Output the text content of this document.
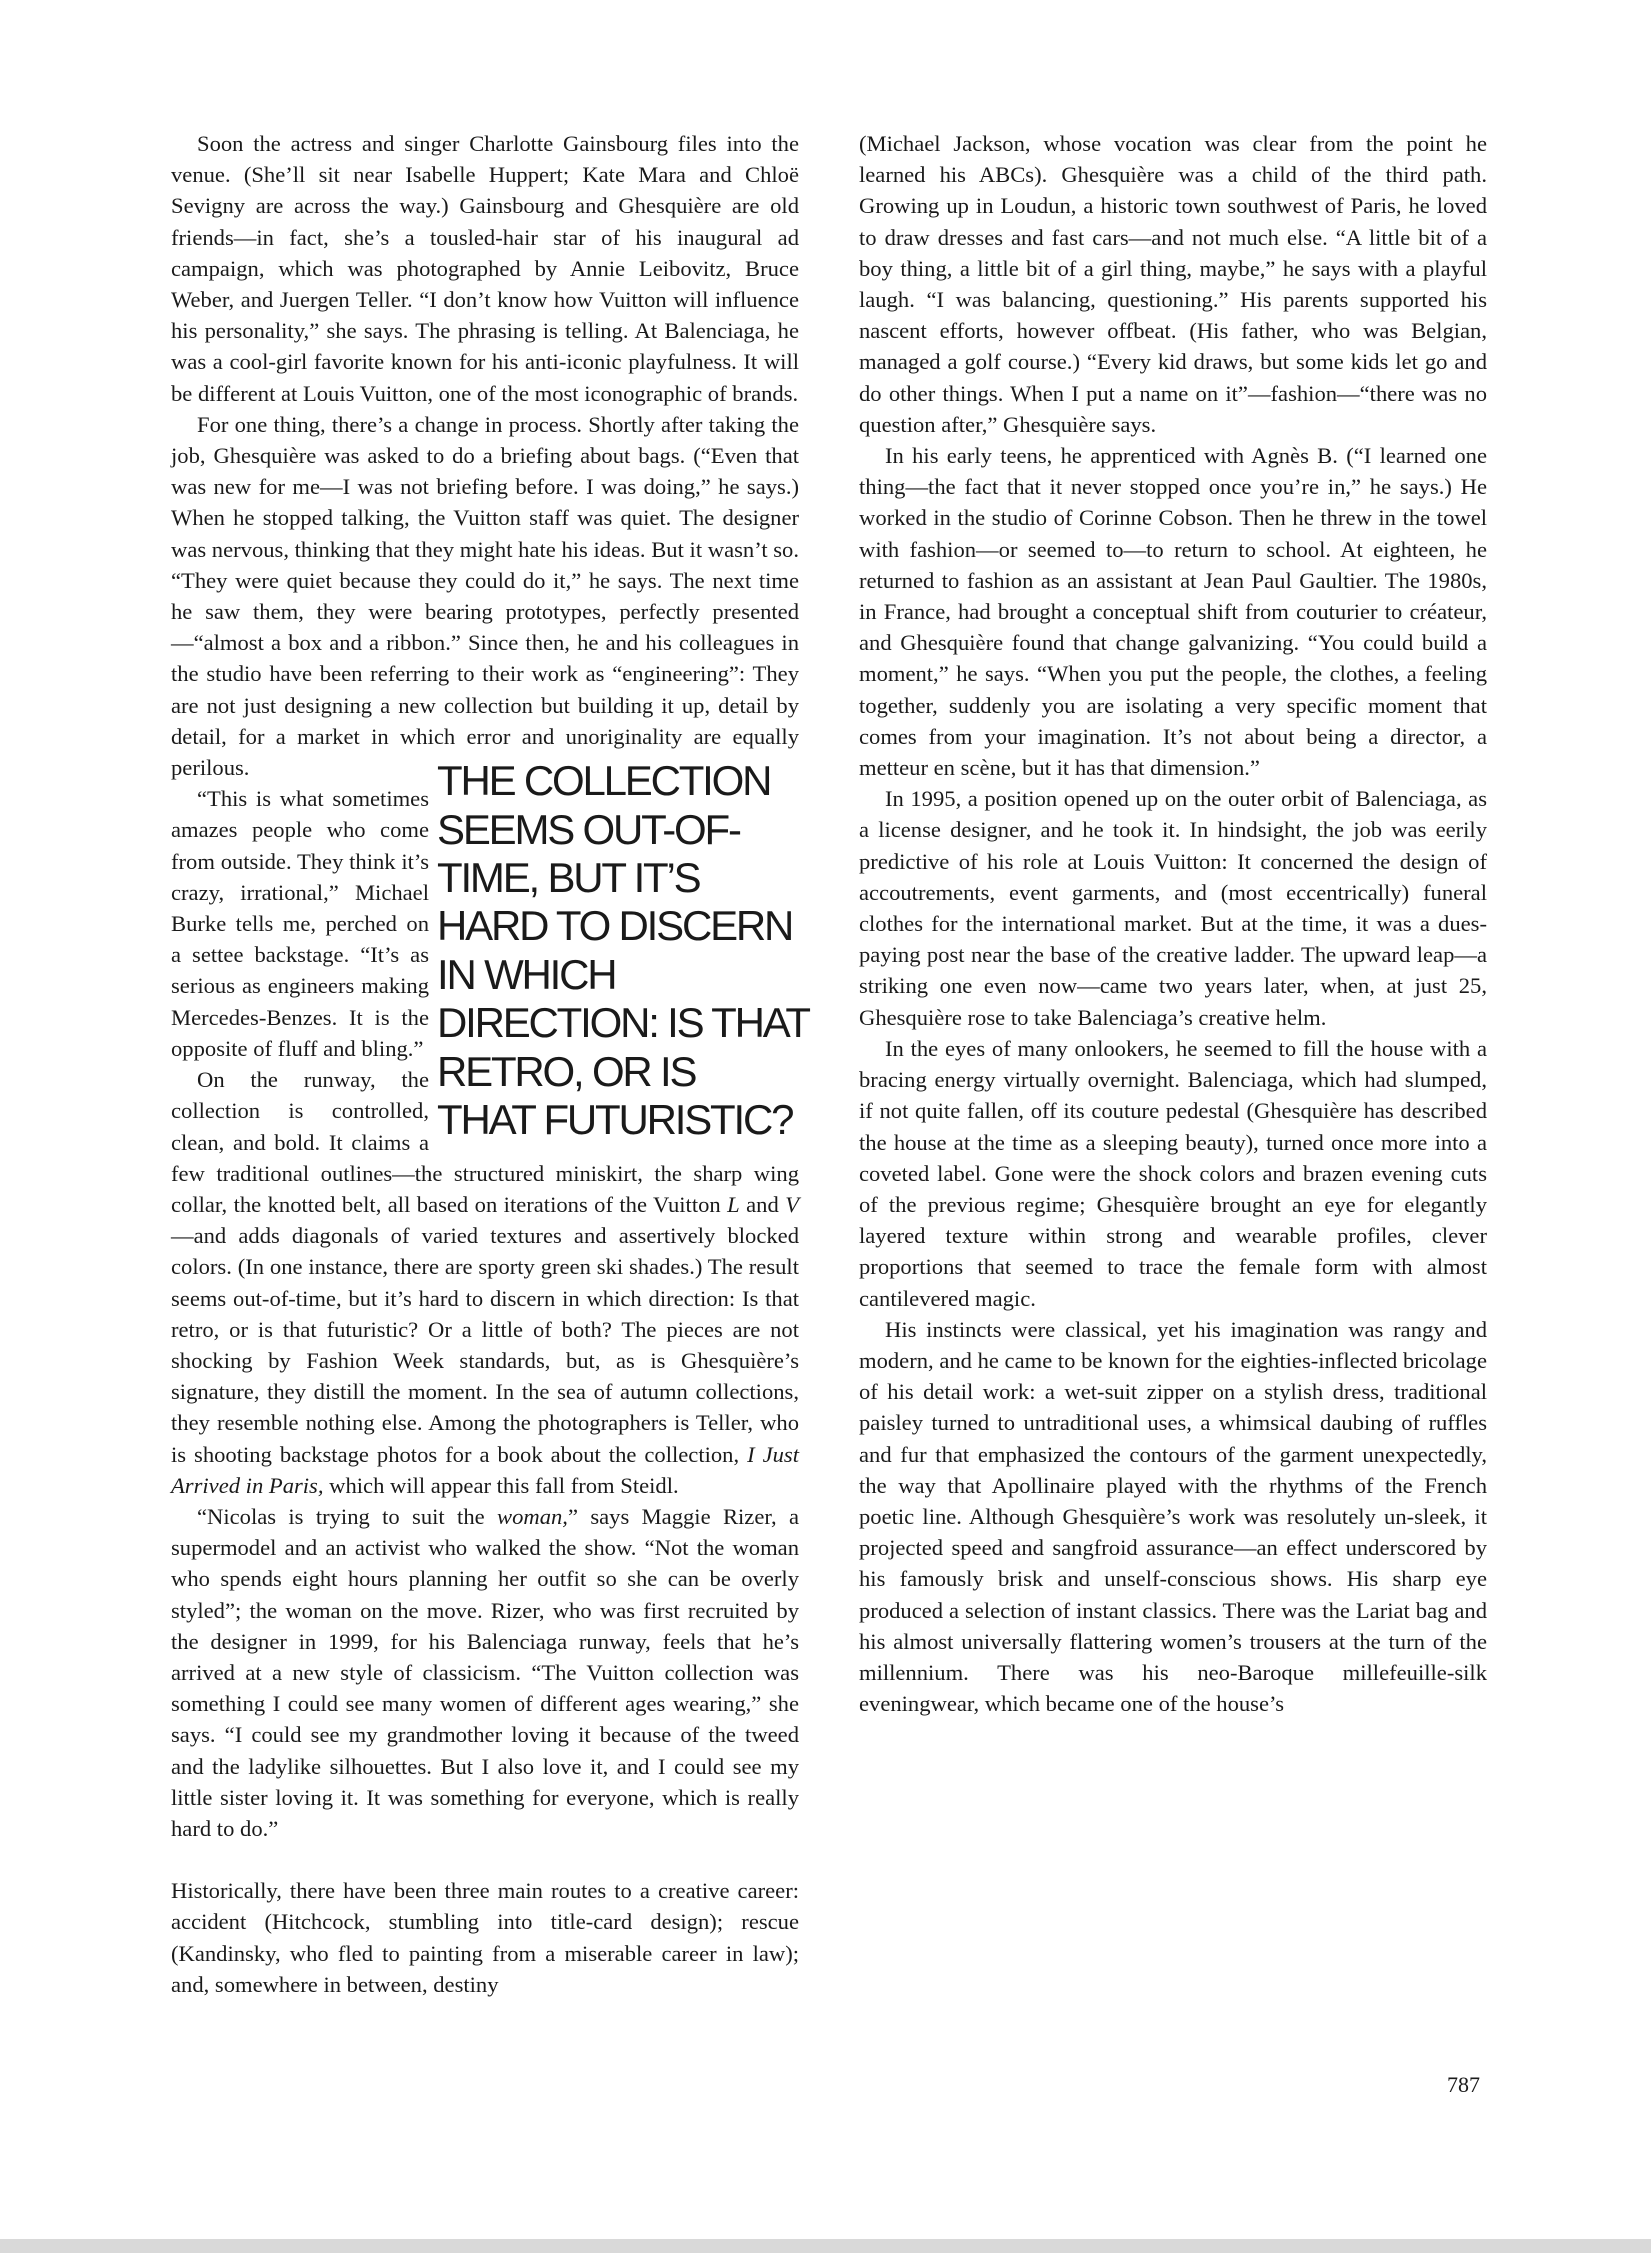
Soon the actress and singer Charlotte Gainsbourg files into the venue. (She’ll sit near Isabelle Huppert; Kate Mara and Chloë Sevigny are across the way.) Gainsbourg and Ghesquière are old friends—in fact, she’s a tousled-hair star of his inaugural ad campaign, which was photographed by Annie Leibovitz, Bruce Weber, and Juergen Teller. “I don’t know how Vuitton will influence his personality,” she says. The phrasing is telling. At Balenciaga, he was a cool-girl favorite known for his anti-iconic playfulness. It will be different at Louis Vuitton, one of the most iconographic of brands.

For one thing, there’s a change in process. Shortly after taking the job, Ghesquière was asked to do a briefing about bags. (“Even that was new for me—I was not briefing before. I was doing,” he says.) When he stopped talking, the Vuitton staff was quiet. The designer was nervous, thinking that they might hate his ideas. But it wasn’t so. “They were quiet because they could do it,” he says. The next time he saw them, they were bearing prototypes, perfectly presented—“almost a box and a ribbon.” Since then, he and his colleagues in the studio have been referring to their work as “engineering”: They are not just designing a new collection but building it up, detail by detail, for a market in which error and unoriginality are equally perilous.	THE COLLECTION
SEEMS OUT-OF-
TIME, BUT IT’S
HARD TO DISCERN
IN WHICH
DIRECTION: IS THAT
RETRO, OR IS
THAT FUTURISTIC?

“This is what sometimes amazes people who come from outside. They think it’s crazy, irrational,” Michael Burke tells me, perched on a settee backstage. “It’s as serious as engineers making Mercedes-Benzes. It is the opposite of fluff and bling.”

On the runway, the collection is controlled, clean, and bold. It claims a few traditional outlines—the structured miniskirt, the sharp wing collar, the knotted belt, all based on iterations of the Vuitton L and V—and adds diagonals of varied textures and assertively blocked colors. (In one instance, there are sporty green ski shades.) The result seems out-of-time, but it’s hard to discern in which direction: Is that retro, or is that futuristic? Or a little of both? The pieces are not shocking by Fashion Week standards, but, as is Ghesquière’s signature, they distill the moment. In the sea of autumn collections, they resemble nothing else. Among the photographers is Teller, who is shooting backstage photos for a book about the collection, I Just Arrived in Paris, which will appear this fall from Steidl.

“Nicolas is trying to suit the woman,” says Maggie Rizer, a supermodel and an activist who walked the show. “Not the woman who spends eight hours planning her outfit so she can be overly styled”; the woman on the move. Rizer, who was first recruited by the designer in 1999, for his Balenciaga runway, feels that he’s arrived at a new style of classicism. “The Vuitton collection was something I could see many women of different ages wearing,” she says. “I could see my grandmother loving it because of the tweed and the ladylike silhouettes. But I also love it, and I could see my little sister loving it. It was something for everyone, which is really hard to do.”

Historically, there have been three main routes to a creative career: accident (Hitchcock, stumbling into title-card design); rescue (Kandinsky, who fled to painting from a miserable career in law); and, somewhere in between, destiny

(Michael Jackson, whose vocation was clear from the point he learned his ABCs). Ghesquière was a child of the third path. Growing up in Loudun, a historic town southwest of Paris, he loved to draw dresses and fast cars—and not much else. “A little bit of a boy thing, a little bit of a girl thing, maybe,” he says with a playful laugh. “I was balancing, questioning.” His parents supported his nascent efforts, however offbeat. (His father, who was Belgian, managed a golf course.) “Every kid draws, but some kids let go and do other things. When I put a name on it”—fashion—“there was no question after,” Ghesquière says.

In his early teens, he apprenticed with Agnès B. (“I learned one thing—the fact that it never stopped once you’re in,” he says.) He worked in the studio of Corinne Cobson. Then he threw in the towel with fashion—or seemed to—to return to school. At eighteen, he returned to fashion as an assistant at Jean Paul Gaultier. The 1980s, in France, had brought a conceptual shift from couturier to créateur, and Ghesquière found that change galvanizing. “You could build a moment,” he says. “When you put the people, the clothes, a feeling together, suddenly you are isolating a very specific moment that comes from your imagination. It’s not about being a director, a metteur en scène, but it has that dimension.”

In 1995, a position opened up on the outer orbit of Balenciaga, as a license designer, and he took it. In hindsight, the job was eerily predictive of his role at Louis Vuitton: It concerned the design of accoutrements, event garments, and (most eccentrically) funeral clothes for the international market. But at the time, it was a dues-paying post near the base of the creative ladder. The upward leap—a striking one even now—came two years later, when, at just 25, Ghesquière rose to take Balenciaga’s creative helm.

In the eyes of many onlookers, he seemed to fill the house with a bracing energy virtually overnight. Balenciaga, which had slumped, if not quite fallen, off its couture pedestal (Ghesquière has described the house at the time as a sleeping beauty), turned once more into a coveted label. Gone were the shock colors and brazen evening cuts of the previous regime; Ghesquière brought an eye for elegantly layered texture within strong and wearable profiles, clever proportions that seemed to trace the female form with almost cantilevered magic.

His instincts were classical, yet his imagination was rangy and modern, and he came to be known for the eighties-inflected bricolage of his detail work: a wet-suit zipper on a stylish dress, traditional paisley turned to untraditional uses, a whimsical daubing of ruffles and fur that emphasized the contours of the garment unexpectedly, the way that Apollinaire played with the rhythms of the French poetic line. Although Ghesquière’s work was resolutely un-sleek, it projected speed and sangfroid assurance—an effect underscored by his famously brisk and unself-conscious shows. His sharp eye produced a selection of instant classics. There was the Lariat bag and his almost universally flattering women’s trousers at the turn of the millennium. There was his neo-Baroque millefeuille-silk eveningwear, which became one of the house’s

787
